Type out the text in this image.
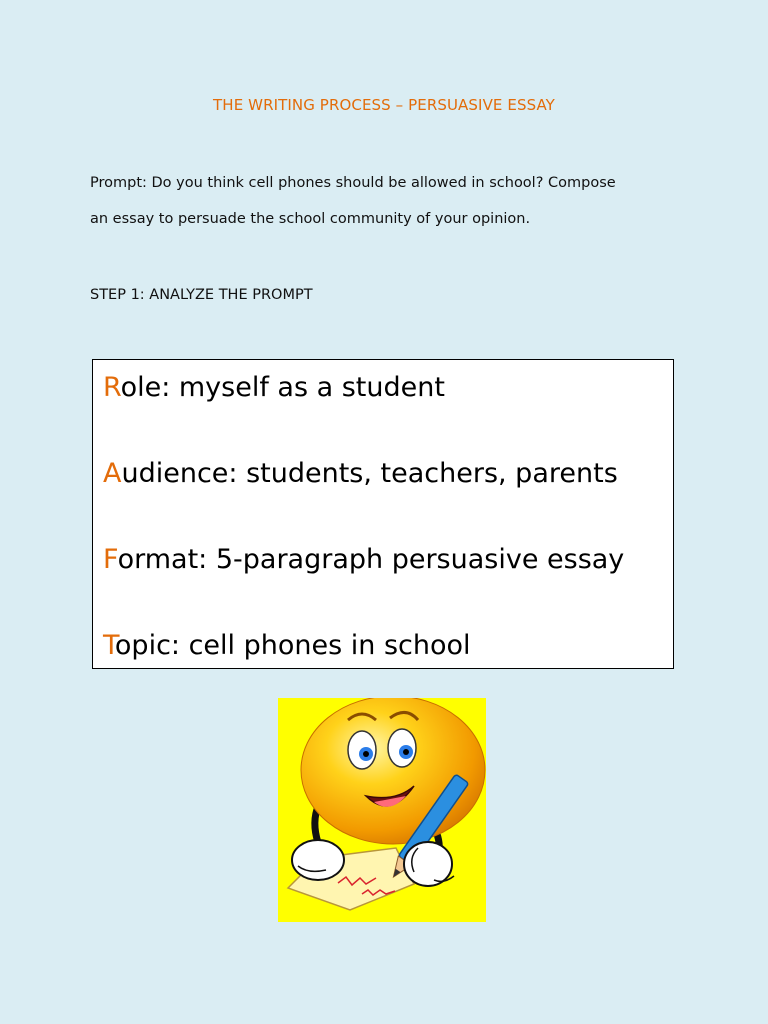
THE WRITING PROCESS – PERSUASIVE ESSAY
Prompt: Do you think cell phones should be allowed in school? Compose
an essay to persuade the school community of your opinion.
STEP 1: ANALYZE THE PROMPT
Role: myself as a student
Audience: students, teachers, parents
Format: 5-paragraph persuasive essay
Topic: cell phones in school
